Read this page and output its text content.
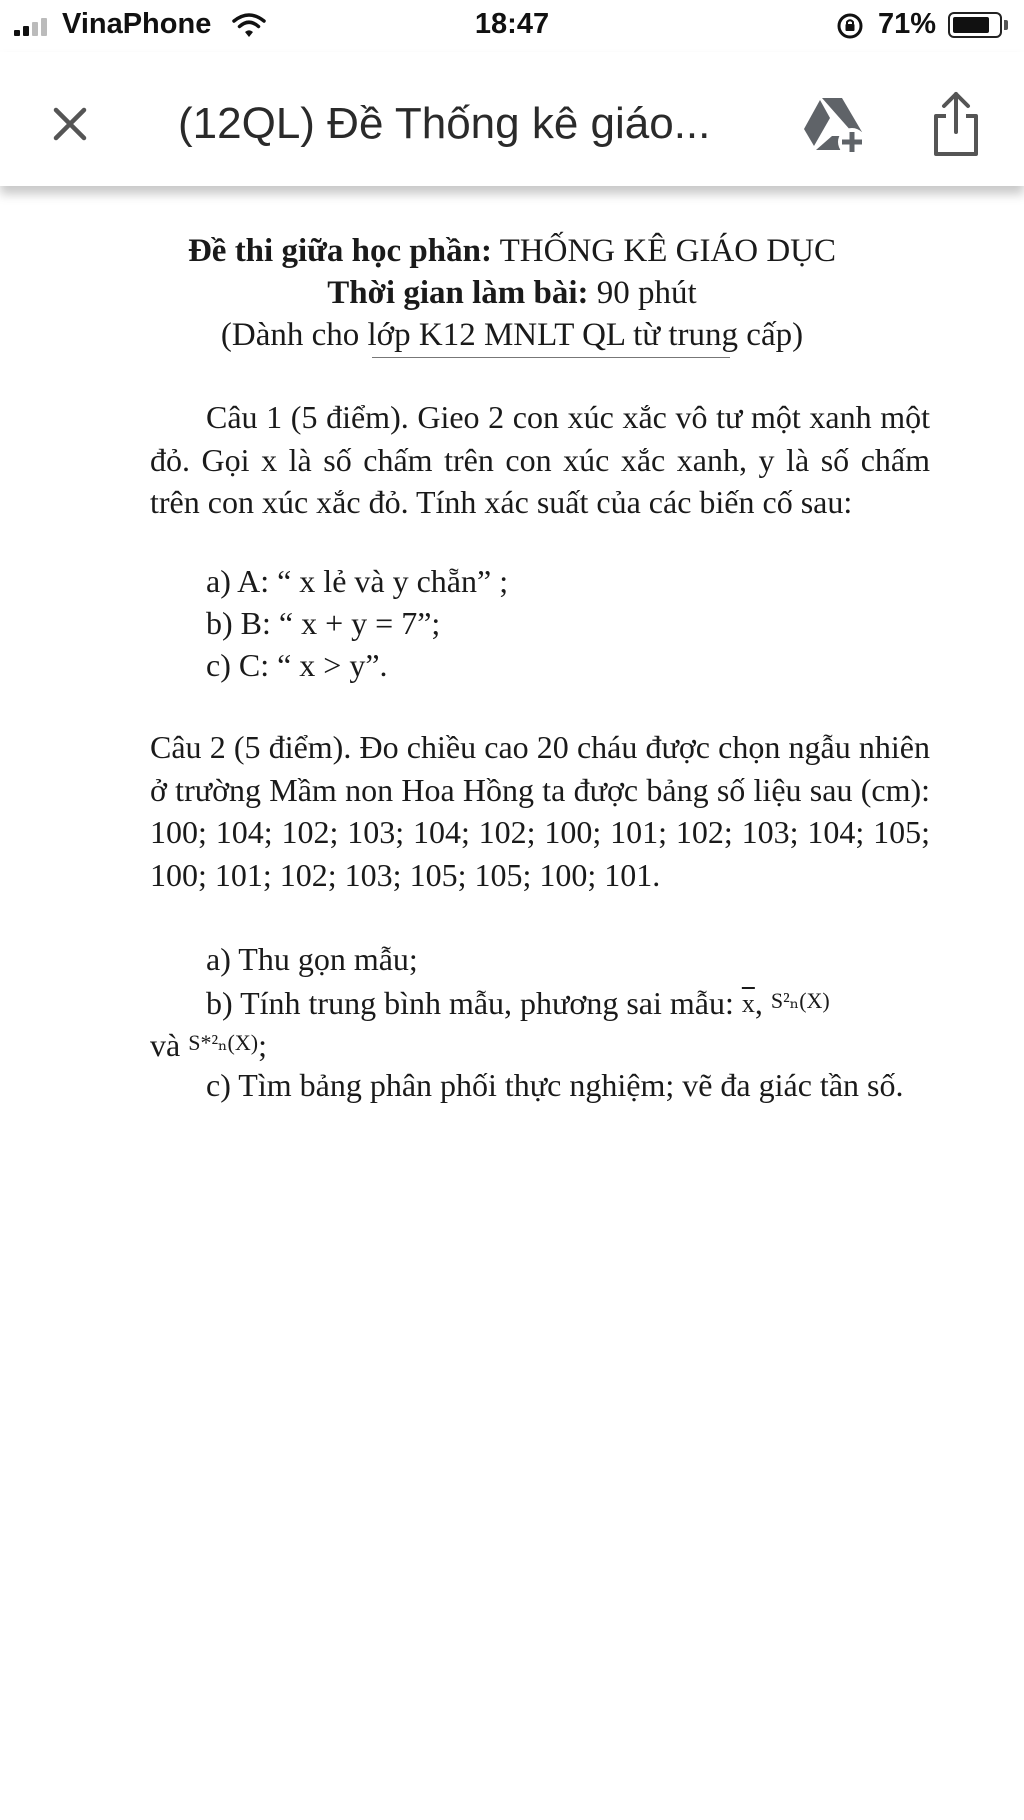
VinaPhone	18:47	71%
(12QL) Đề Thống kê giáo...
Đề thi giữa học phần: THỐNG KÊ GIÁO DỤC
Thời gian làm bài: 90 phút
(Dành cho lớp K12 MNLT QL từ trung cấp)
Câu 1 (5 điểm). Gieo 2 con xúc xắc vô tư một xanh một đỏ. Gọi x là số chấm trên con xúc xắc xanh, y là số chấm trên con xúc xắc đỏ. Tính xác suất của các biến cố sau:
a) A: “ x lẻ và y chẵn” ;
b) B: “ x + y = 7”;
c) C: “ x > y”.
Câu 2 (5 điểm). Đo chiều cao 20 cháu được chọn ngẫu nhiên ở trường Mầm non Hoa Hồng ta được bảng số liệu sau (cm): 100; 104; 102; 103; 104; 102; 100; 101; 102; 103; 104; 105; 100; 101; 102; 103; 105; 105; 100; 101.
a) Thu gọn mẫu;
b) Tính trung bình mẫu, phương sai mẫu: $\overline{x}$, S²ₙ(X)
và S*²ₙ(X);
c) Tìm bảng phân phối thực nghiệm; vẽ đa giác tần số.
